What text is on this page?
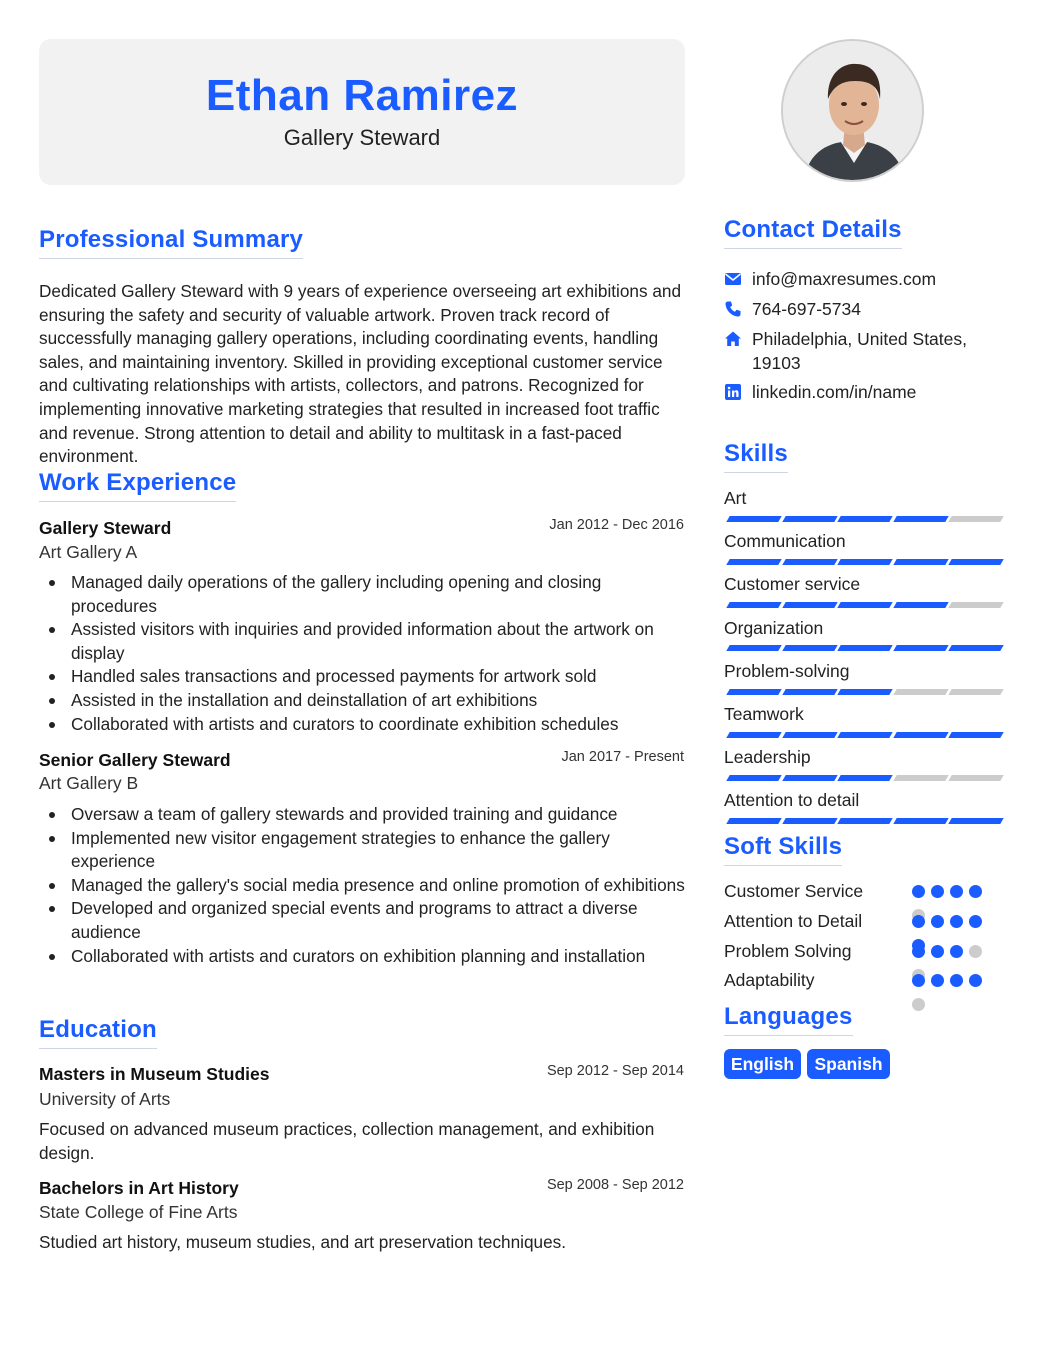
Ethan Ramirez
Gallery Steward
Professional Summary
Dedicated Gallery Steward with 9 years of experience overseeing art exhibitions and ensuring the safety and security of valuable artwork. Proven track record of successfully managing gallery operations, including coordinating events, handling sales, and maintaining inventory. Skilled in providing exceptional customer service and cultivating relationships with artists, collectors, and patrons. Recognized for implementing innovative marketing strategies that resulted in increased foot traffic and revenue. Strong attention to detail and ability to multitask in a fast-paced environment.
Work Experience
Gallery Steward	Jan 2012 - Dec 2016
Art Gallery A
Managed daily operations of the gallery including opening and closing procedures
Assisted visitors with inquiries and provided information about the artwork on display
Handled sales transactions and processed payments for artwork sold
Assisted in the installation and deinstallation of art exhibitions
Collaborated with artists and curators to coordinate exhibition schedules
Senior Gallery Steward	Jan 2017 - Present
Art Gallery B
Oversaw a team of gallery stewards and provided training and guidance
Implemented new visitor engagement strategies to enhance the gallery experience
Managed the gallery's social media presence and online promotion of exhibitions
Developed and organized special events and programs to attract a diverse audience
Collaborated with artists and curators on exhibition planning and installation
Education
Masters in Museum Studies	Sep 2012 - Sep 2014
University of Arts
Focused on advanced museum practices, collection management, and exhibition design.
Bachelors in Art History	Sep 2008 - Sep 2012
State College of Fine Arts
Studied art history, museum studies, and art preservation techniques.
Contact Details
info@maxresumes.com
764-697-5734
Philadelphia, United States, 19103
linkedin.com/in/name
Skills
Art
Communication
Customer service
Organization
Problem-solving
Teamwork
Leadership
Attention to detail
Soft Skills
Customer Service
Attention to Detail
Problem Solving
Adaptability
Languages
English	Spanish
